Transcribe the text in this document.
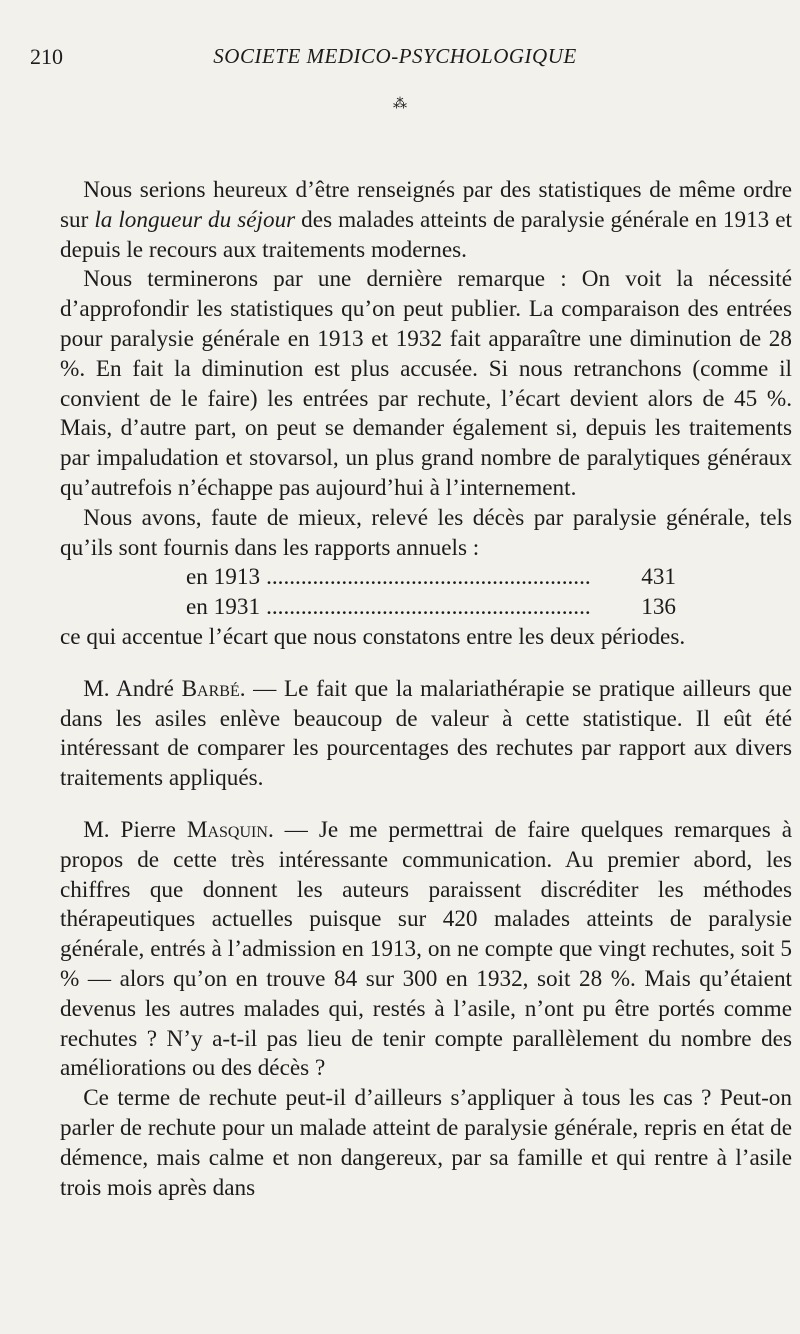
210	SOCIETE MEDICO-PSYCHOLOGIQUE
⁂

 Nous serions heureux d’être renseignés par des statistiques de même ordre sur la longueur du séjour des malades atteints de paralysie générale en 1913 et depuis le recours aux traitements modernes.

 Nous terminerons par une dernière remarque : On voit la nécessité d’approfondir les statistiques qu’on peut publier. La comparaison des entrées pour paralysie générale en 1913 et 1932 fait apparaître une diminution de 28 %. En fait la diminution est plus accusée. Si nous retranchons (comme il convient de le faire) les entrées par rechute, l’écart devient alors de 45 %. Mais, d’autre part, on peut se demander également si, depuis les traitements par impaludation et stovarsol, un plus grand nombre de paralytiques généraux qu’autrefois n’échappe pas aujourd’hui à l’internement.

 Nous avons, faute de mieux, relevé les décès par paralysie générale, tels qu’ils sont fournis dans les rapports annuels :

en 1913 ........................................................	431
en 1931 ........................................................	136

ce qui accentue l’écart que nous constatons entre les deux périodes.

 M. André Barbé. — Le fait que la malariathérapie se pratique ailleurs que dans les asiles enlève beaucoup de valeur à cette statistique. Il eût été intéressant de comparer les pourcentages des rechutes par rapport aux divers traitements appliqués.

 M. Pierre Masquin. — Je me permettrai de faire quelques remarques à propos de cette très intéressante communication. Au premier abord, les chiffres que donnent les auteurs paraissent discréditer les méthodes thérapeutiques actuelles puisque sur 420 malades atteints de paralysie générale, entrés à l’admission en 1913, on ne compte que vingt rechutes, soit 5 % — alors qu’on en trouve 84 sur 300 en 1932, soit 28 %. Mais qu’étaient devenus les autres malades qui, restés à l’asile, n’ont pu être portés comme rechutes ? N’y a-t-il pas lieu de tenir compte parallèlement du nombre des améliorations ou des décès ?

 Ce terme de rechute peut-il d’ailleurs s’appliquer à tous les cas ? Peut-on parler de rechute pour un malade atteint de paralysie générale, repris en état de démence, mais calme et non dangereux, par sa famille et qui rentre à l’asile trois mois après dans
